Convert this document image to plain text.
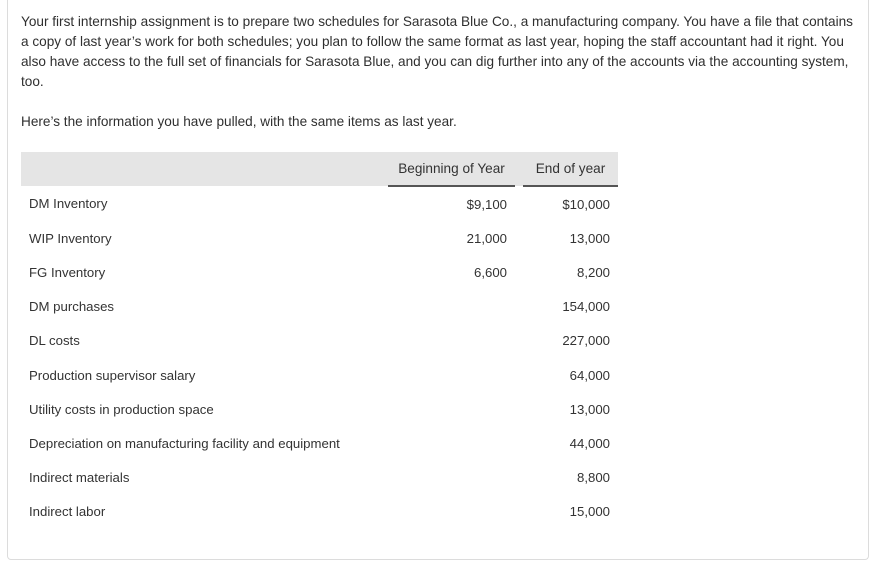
Your first internship assignment is to prepare two schedules for Sarasota Blue Co., a manufacturing company. You have a file that contains a copy of last year’s work for both schedules; you plan to follow the same format as last year, hoping the staff accountant had it right. You also have access to the full set of financials for Sarasota Blue, and you can dig further into any of the accounts via the accounting system, too.

Here’s the information you have pulled, with the same items as last year.

	Beginning of Year		End of year
DM Inventory	$9,100		$10,000
WIP Inventory	21,000		13,000
FG Inventory	6,600		8,200
DM purchases			154,000
DL costs			227,000
Production supervisor salary			64,000
Utility costs in production space			13,000
Depreciation on manufacturing facility and equipment			44,000
Indirect materials			8,800
Indirect labor			15,000
